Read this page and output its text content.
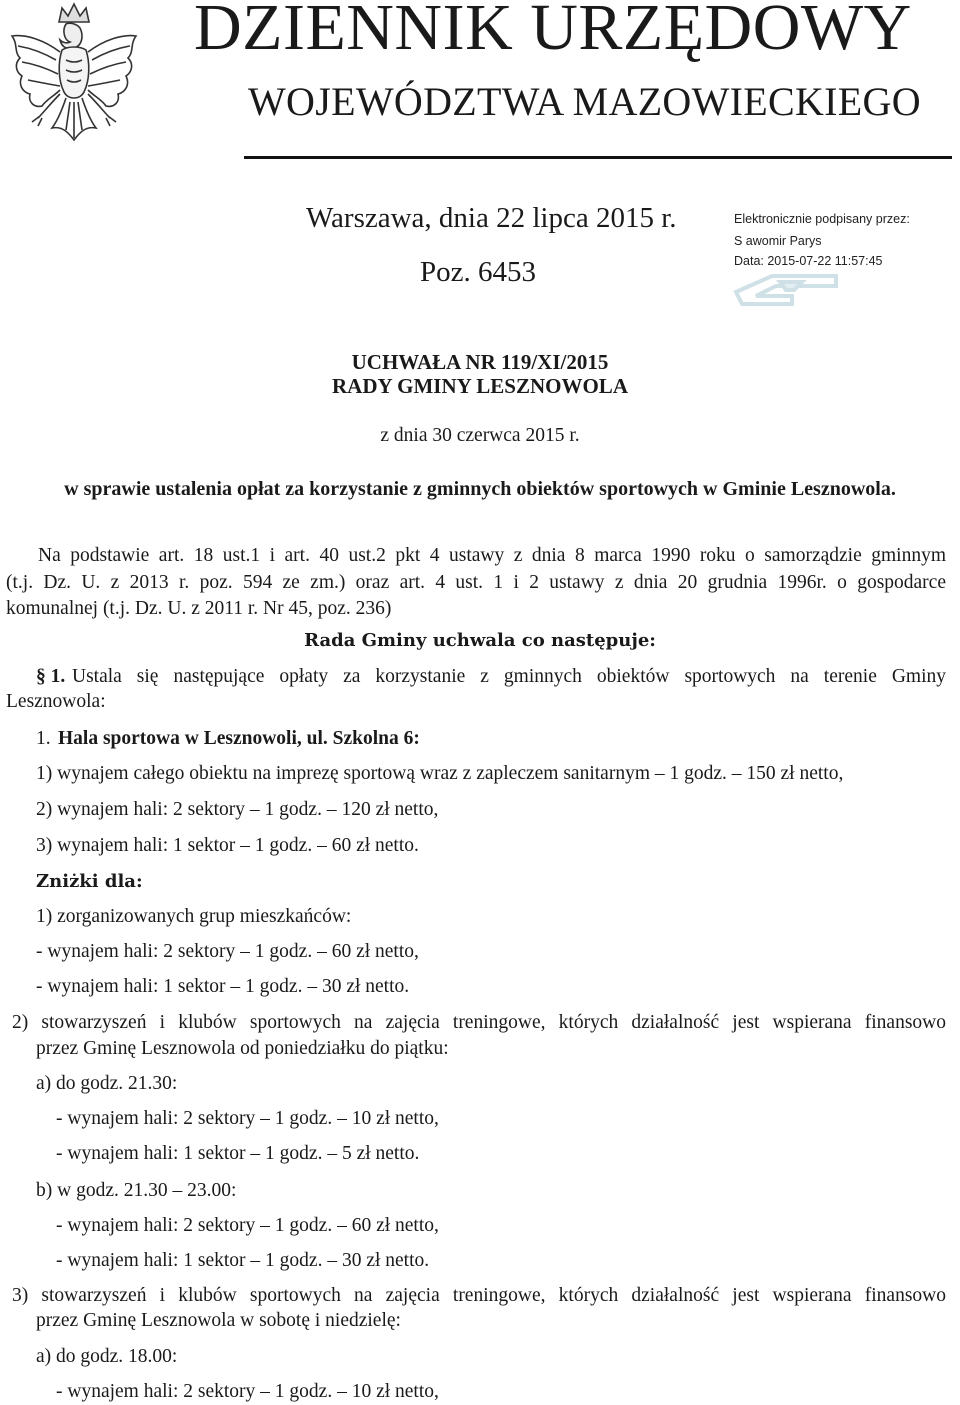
DZIENNIK URZĘDOWY
WOJEWÓDZTWA MAZOWIECKIEGO
Warszawa, dnia 22 lipca 2015 r.
Poz. 6453
Elektronicznie podpisany przez:
S awomir Parys
Data: 2015-07-22 11:57:45
UCHWAŁA NR 119/XI/2015
RADY GMINY LESZNOWOLA
z dnia 30 czerwca 2015 r.
w sprawie ustalenia opłat za korzystanie z gminnych obiektów sportowych w Gminie Lesznowola.
Na podstawie art. 18 ust.1 i art. 40 ust.2 pkt 4 ustawy z dnia 8 marca 1990 roku o samorządzie gminnym
(t.j. Dz. U. z 2013 r. poz. 594 ze zm.) oraz art. 4 ust. 1 i 2 ustawy z dnia 20 grudnia 1996r. o gospodarce
komunalnej (t.j. Dz. U. z 2011 r. Nr 45, poz. 236)
Rada Gminy uchwala co następuje:
§ 1. Ustala się następujące opłaty za korzystanie z gminnych obiektów sportowych na terenie Gminy
Lesznowola:
1. Hala sportowa w Lesznowoli, ul. Szkolna 6:
1) wynajem całego obiektu na imprezę sportową wraz z zapleczem sanitarnym – 1 godz. – 150 zł netto,
2) wynajem hali: 2 sektory – 1 godz. – 120 zł netto,
3) wynajem hali: 1 sektor – 1 godz. – 60 zł netto.
Zniżki dla:
1) zorganizowanych grup mieszkańców:
- wynajem hali: 2 sektory – 1 godz. – 60 zł netto,
- wynajem hali: 1 sektor – 1 godz. – 30 zł netto.
2) stowarzyszeń i klubów sportowych na zajęcia treningowe, których działalność jest wspierana finansowo
przez Gminę Lesznowola od poniedziałku do piątku:
a) do godz. 21.30:
- wynajem hali: 2 sektory – 1 godz. – 10 zł netto,
- wynajem hali: 1 sektor – 1 godz. – 5 zł netto.
b) w godz. 21.30 – 23.00:
- wynajem hali: 2 sektory – 1 godz. – 60 zł netto,
- wynajem hali: 1 sektor – 1 godz. – 30 zł netto.
3) stowarzyszeń i klubów sportowych na zajęcia treningowe, których działalność jest wspierana finansowo
przez Gminę Lesznowola w sobotę i niedzielę:
a) do godz. 18.00:
- wynajem hali: 2 sektory – 1 godz. – 10 zł netto,
